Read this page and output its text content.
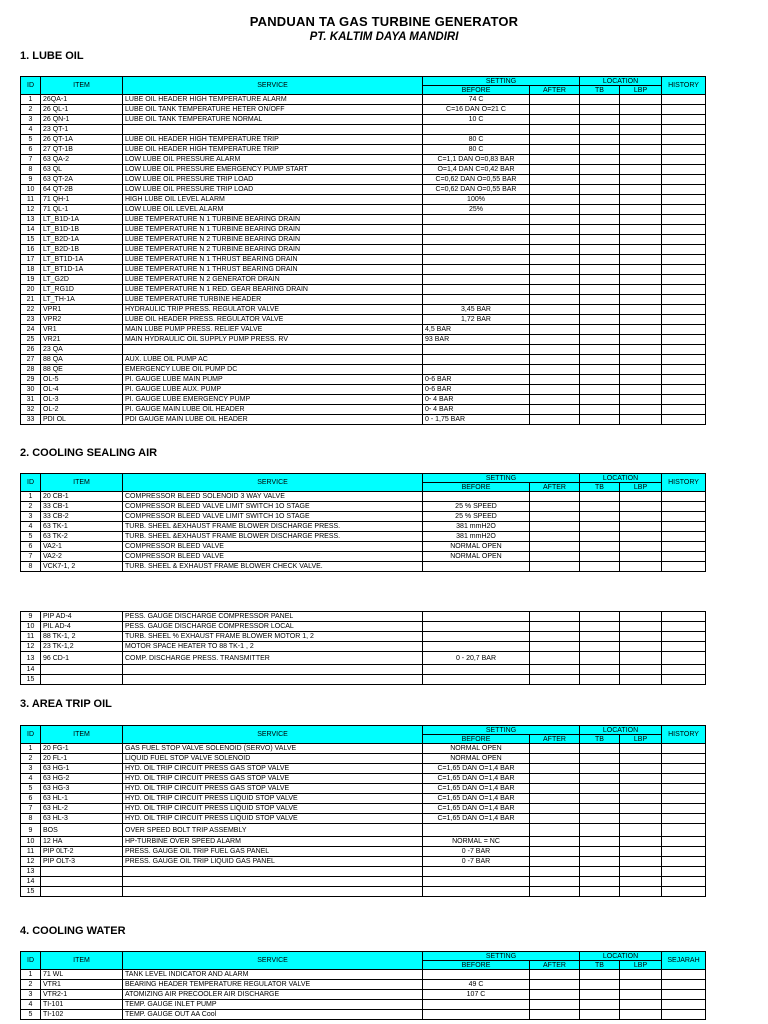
PANDUAN TA GAS TURBINE GENERATOR
PT. KALTIM DAYA MANDIRI
1. LUBE OIL
ID	ITEM	SERVICE	SETTING		LOCATION		HISTORY
			BEFORE	AFTER	TB	LBP	
1	26QA-1	LUBE OIL HEADER HIGH TEMPERATURE ALARM	74 C				
2	26 QL-1	LUBE OIL TANK TEMPERATURE HETER ON/OFF	C=16 DAN O=21 C				
3	26 QN-1	LUBE OIL TANK TEMPERATURE NORMAL	10 C				
4	23 QT-1						
5	26 QT-1A	LUBE OIL HEADER HIGH TEMPERATURE TRIP	80 C				
6	27 QT-1B	LUBE OIL HEADER HIGH TEMPERATURE TRIP	80 C				
7	63 QA-2	LOW LUBE OIL PRESSURE ALARM	C=1,1 DAN O=0,83 BAR				
8	63 QL	LOW LUBE OIL PRESSURE EMERGENCY PUMP START	O=1,4 DAN C=0,42 BAR				
9	63 QT-2A	LOW LUBE OIL PRESSURE TRIP LOAD	C=0,62 DAN O=0,55 BAR				
10	64 QT-2B	LOW LUBE OIL PRESSURE TRIP LOAD	C=0,62 DAN O=0,55 BAR				
11	71 QH-1	HIGH LUBE OIL LEVEL ALARM	100%				
12	71 QL-1	LOW LUBE OIL LEVEL ALARM	25%				
13	LT_B1D-1A	LUBE TEMPERATURE N 1 TURBINE BEARING DRAIN					
14	LT_B1D-1B	LUBE TEMPERATURE N 1 TURBINE BEARING DRAIN					
15	LT_B2D-1A	LUBE TEMPERATURE N 2 TURBINE BEARING DRAIN					
16	LT_B2D-1B	LUBE TEMPERATURE N 2 TURBINE BEARING DRAIN					
17	LT_BT1D-1A	LUBE TEMPERATURE N 1 THRUST BEARING DRAIN					
18	LT_BT1D-1A	LUBE TEMPERATURE N 1 THRUST BEARING DRAIN					
19	LT_G2D	LUBE TEMPERATURE N 2 GENERATOR DRAIN					
20	LT_RG1D	LUBE TEMPERATURE N 1 RED. GEAR BEARING DRAIN					
21	LT_TH-1A	LUBE TEMPERATURE TURBINE HEADER					
22	VPR1	HYDRAULIC TRIP PRESS. REGULATOR VALVE	3,45 BAR				
23	VPR2	LUBE OIL HEADER PRESS. REGULATOR VALVE	1,72 BAR				
24	VR1	MAIN LUBE PUMP PRESS. RELIEF VALVE	4,5 BAR				
25	VR21	MAIN HYDRAULIC OIL SUPPLY PUMP PRESS. RV	93 BAR				
26	23 QA						
27	88 QA	AUX. LUBE OIL PUMP AC					
28	88 QE	EMERGENCY LUBE OIL PUMP DC					
29	OL-5	PI. GAUGE LUBE MAIN PUMP	0-6 BAR				
30	OL-4	PI. GAUGE LUBE AUX. PUMP	0-6 BAR				
31	OL-3	PI. GAUGE LUBE EMERGENCY PUMP	0- 4 BAR				
32	OL-2	PI. GAUGE MAIN LUBE OIL HEADER	0- 4 BAR				
33	PDI OL	PDI GAUGE MAIN LUBE OIL HEADER	0 - 1,75 BAR				
2. COOLING SEALING AIR
ID	ITEM	SERVICE	SETTING		LOCATION		HISTORY
			BEFORE	AFTER	TB	LBP	
1	20 CB-1	COMPRESSOR BLEED SOLENOID 3 WAY VALVE					
2	33 CB-1	COMPRESSOR BLEED VALVE LIMIT SWITCH 1O STAGE	25 % SPEED				
3	33 CB-2	COMPRESSOR BLEED VALVE LIMIT SWITCH 1O STAGE	25 % SPEED				
4	63 TK-1	TURB. SHEEL &EXHAUST FRAME BLOWER DISCHARGE PRESS.	381 mmH2O				
5	63 TK-2	TURB. SHEEL &EXHAUST FRAME BLOWER DISCHARGE PRESS.	381 mmH2O				
6	VA2-1	COMPRESSOR BLEED VALVE	NORMAL OPEN				
7	VA2-2	COMPRESSOR BLEED VALVE	NORMAL OPEN				
8	VCK7-1, 2	TURB. SHEEL & EXHAUST FRAME BLOWER CHECK VALVE.					
9	PIP AD-4	PESS. GAUGE DISCHARGE COMPRESSOR PANEL					
10	PIL AD-4	PESS. GAUGE DISCHARGE COMPRESSOR LOCAL					
11	88 TK-1, 2	TURB. SHEEL % EXHAUST FRAME BLOWER MOTOR 1, 2					
12	23 TK-1,2	MOTOR SPACE HEATER TO 88 TK-1 , 2					
13	96 CD-1	COMP. DISCHARGE PRESS. TRANSMITTER	0 - 20,7 BAR				
14							
15							
3. AREA TRIP OIL
ID	ITEM	SERVICE	SETTING		LOCATION		HISTORY
			BEFORE	AFTER	TB	LBP	
1	20 FG-1	GAS FUEL STOP VALVE SOLENOID (SERVO) VALVE	NORMAL OPEN				
2	20 FL-1	LIQUID FUEL STOP VALVE SOLENOID	NORMAL OPEN				
3	63 HG-1	HYD. OIL TRIP CIRCUIT PRESS GAS STOP VALVE	C=1,65 DAN O=1,4 BAR				
4	63 HG-2	HYD. OIL TRIP CIRCUIT PRESS GAS STOP VALVE	C=1,65 DAN O=1,4 BAR				
5	63 HG-3	HYD. OIL TRIP CIRCUIT PRESS GAS STOP VALVE	C=1,65 DAN O=1,4 BAR				
6	63 HL-1	HYD. OIL TRIP CIRCUIT PRESS LIQUID STOP VALVE	C=1,65 DAN O=1,4 BAR				
7	63 HL-2	HYD. OIL TRIP CIRCUIT PRESS LIQUID STOP VALVE	C=1,65 DAN O=1,4 BAR				
8	63 HL-3	HYD. OIL TRIP CIRCUIT PRESS LIQUID STOP VALVE	C=1,65 DAN O=1,4 BAR				
9	BOS	OVER SPEED BOLT TRIP ASSEMBLY					
10	12 HA	HP-TURBINE OVER SPEED ALARM	NORMAL = NC				
11	PIP 0LT-2	PRESS. GAUGE OIL TRIP FUEL GAS PANEL	0 -7 BAR				
12	PIP OLT-3	PRESS. GAUGE OIL TRIP LIQUID GAS PANEL	0 -7 BAR				
13							
14							
15							
4. COOLING WATER
ID	ITEM	SERVICE	SETTING		LOCATION		SEJARAH
			BEFORE	AFTER	TB	LBP	
1	71 WL	TANK LEVEL INDICATOR AND ALARM					
2	VTR1	BEARING HEADER TEMPERATURE REGULATOR VALVE	49 C				
3	VTR2-1	ATOMIZING AIR PRECOOLER AIR DISCHARGE	107 C				
4	TI-101	TEMP. GAUGE INLET PUMP					
5	TI-102	TEMP. GAUGE OUT AA Cool					
